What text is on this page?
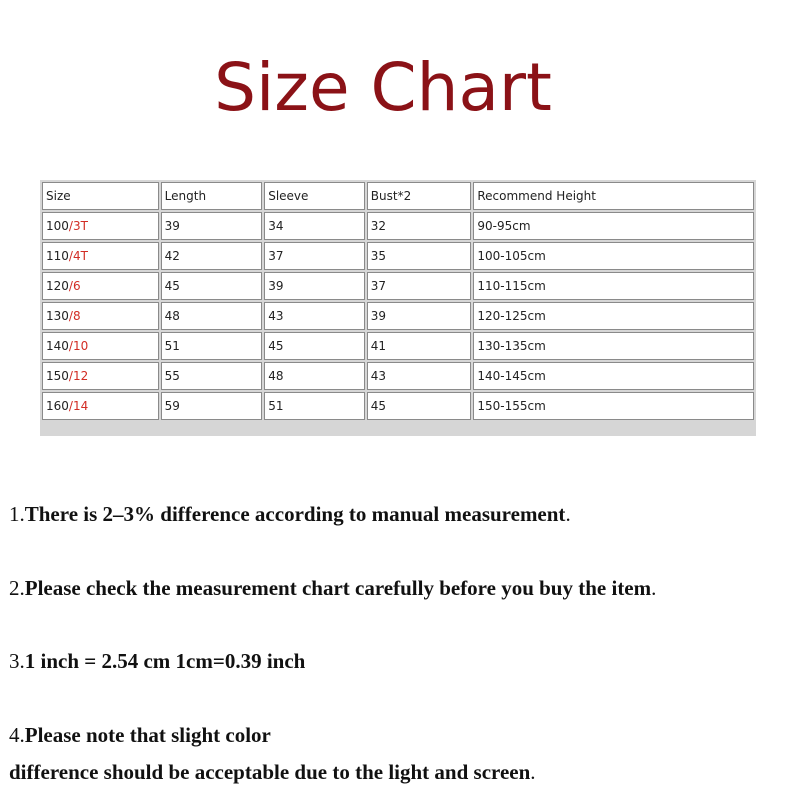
Size Chart
Size	Length	Sleeve	Bust*2	Recommend Height
100/3T	39	34	32	90-95cm
110/4T	42	37	35	100-105cm
120/6	45	39	37	110-115cm
130/8	48	43	39	120-125cm
140/10	51	45	41	130-135cm
150/12	55	48	43	140-145cm
160/14	59	51	45	150-155cm
1.There is 2–3% difference according to manual measurement.
2.Please check the measurement chart carefully before you buy the item.
3.1 inch = 2.54 cm 1cm=0.39 inch
4.Please note that slight color
difference should be acceptable due to the light and screen.
